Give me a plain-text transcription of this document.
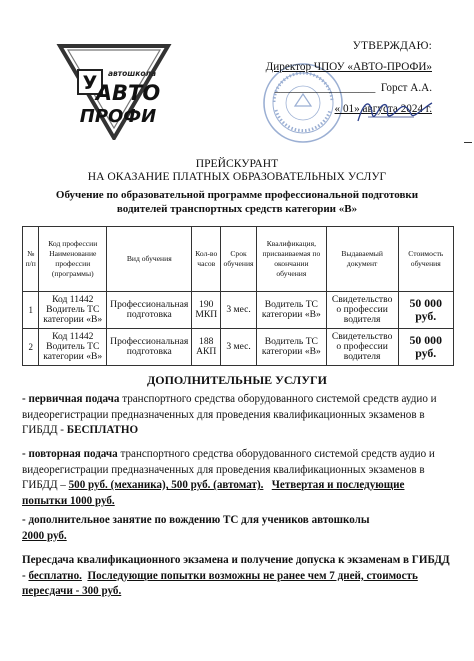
У автошкола
АВТО
ПРОФИ
УТВЕРЖДАЮ:
Директор ЧПОУ «АВТО-ПРОФИ»
__________________  Горст А.А.
« 01» августа 2024 г.
ПРЕЙСКУРАНТ
НА ОКАЗАНИЕ ПЛАТНЫХ ОБРАЗОВАТЕЛЬНЫХ УСЛУГ
Обучение по образовательной программе профессиональной подготовки
водителей транспортных средств категории «В»
№ п/п	Код профессии Наименование профессии (программы)	Вид обучения	Кол-во часов	Срок обучения	Квалификация, присваиваемая по окончании обучения	Выдаваемый документ	Стоимость обучения
1	Код 11442 Водитель ТС категории «В»	Профессиональная подготовка	190 МКП	3 мес.	Водитель ТС категории «В»	Свидетельство о профессии водителя	50 000 руб.
2	Код 11442 Водитель ТС категории «В»	Профессиональная подготовка	188 АКП	3 мес.	Водитель ТС категории «В»	Свидетельство о профессии водителя	50 000 руб.
ДОПОЛНИТЕЛЬНЫЕ УСЛУГИ
- первичная подача транспортного средства оборудованного системой средств аудио и видеорегистрации предназначенных для проведения квалификационных экзаменов в ГИБДД - БЕСПЛАТНО
- повторная подача транспортного средства оборудованного системой средств аудио и видеорегистрации предназначенных для проведения квалификационных экзаменов в ГИБДД – 500 руб. (механика), 500 руб. (автомат). Четвертая и последующие попытки 1000 руб.
- дополнительное занятие по вождению ТС для учеников автошколы
2000 руб.
Пересдача квалификационного экзамена и получение допуска к экзаменам в ГИБДД - бесплатно. Последующие попытки возможны не ранее чем 7 дней, стоимость пересдачи - 300 руб.
